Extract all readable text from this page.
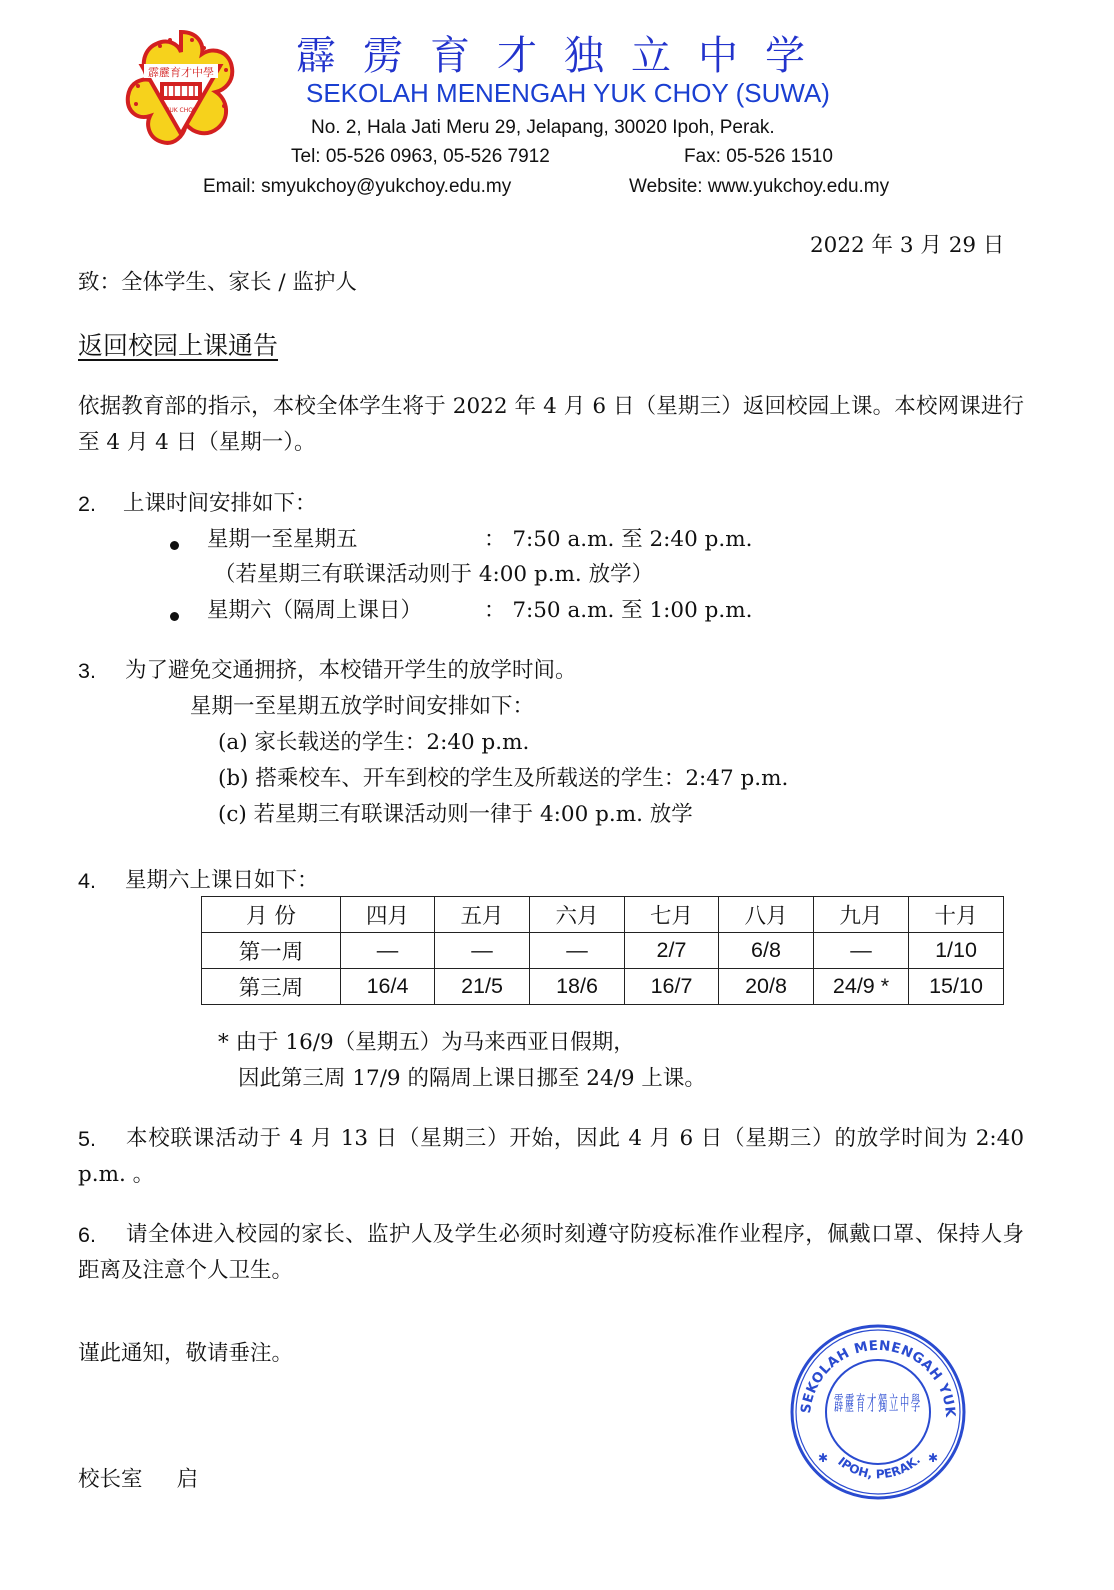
霹靂育才中學
YUK CHOY
霹雳育才独立中学
SEKOLAH MENENGAH YUK CHOY (SUWA)
No. 2, Hala Jati Meru 29, Jelapang, 30020 Ipoh, Perak.
Tel: 05-526 0963, 05-526 7912	Fax: 05-526 1510
Email: smyukchoy@yukchoy.edu.my	Website: www.yukchoy.edu.my
2022 年 3 月 29 日
致：全体学生、家长 / 监护人
返回校园上课通告
依据教育部的指示，本校全体学生将于 2022 年 4 月 6 日（星期三）返回校园上课。本校网课进行至 4 月 4 日（星期一）。
2. 上课时间安排如下：
星期一至星期五	： 7:50 a.m. 至 2:40 p.m.
（若星期三有联课活动则于 4:00 p.m. 放学）
星期六（隔周上课日）	： 7:50 a.m. 至 1:00 p.m.
3. 为了避免交通拥挤，本校错开学生的放学时间。
星期一至星期五放学时间安排如下：
(a) 家长载送的学生：2:40 p.m.
(b) 搭乘校车、开车到校的学生及所载送的学生：2:47 p.m.
(c) 若星期三有联课活动则一律于 4:00 p.m. 放学
4. 星期六上课日如下：
月 份	四月	五月	六月	七月	八月	九月	十月
第一周	—	—	—	2/7	6/8	—	1/10
第三周	16/4	21/5	18/6	16/7	20/8	24/9 *	15/10
* 由于 16/9（星期五）为马来西亚日假期，
因此第三周 17/9 的隔周上课日挪至 24/9 上课。
本校联课活动于 4 月 13 日（星期三）开始，因此 4 月 6 日（星期三）的放学时间为 2:40 p.m. 。
5.
请全体进入校园的家长、监护人及学生必须时刻遵守防疫标准作业程序，佩戴口罩、保持人身距离及注意个人卫生。
6.
谨此通知，敬请垂注。
校长室     启
SEKOLAH MENENGAH YUK
IPOH, PERAK.
霹靂育才獨立中學
✱	✱
